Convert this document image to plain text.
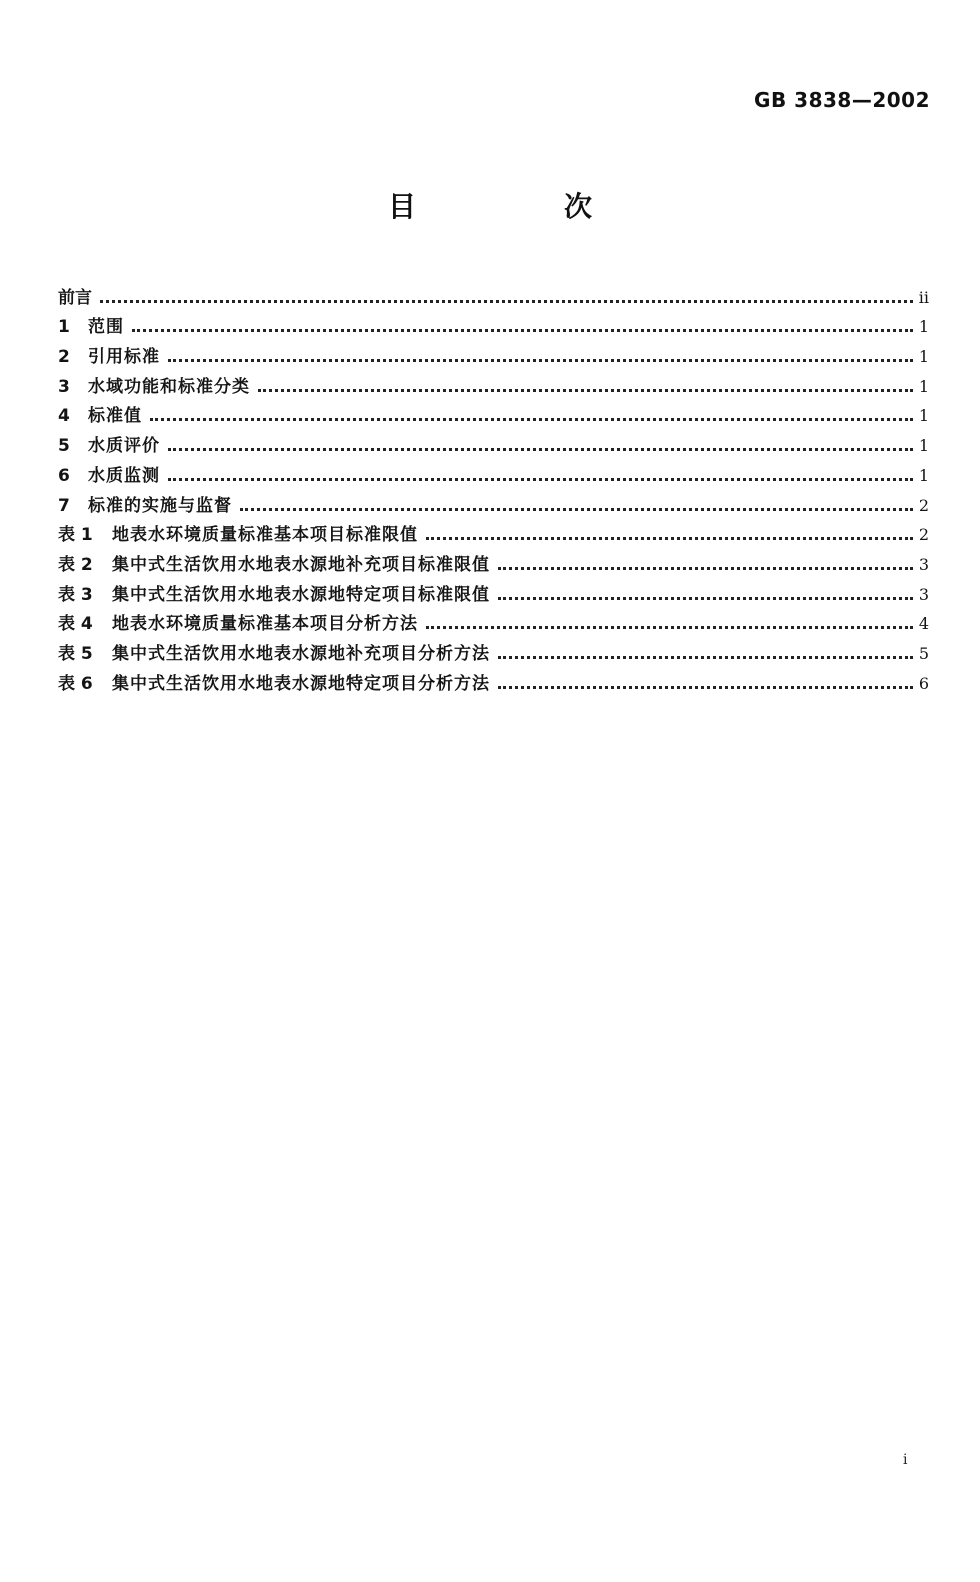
GB 3838—2002
目　次
前言	ii
1	范围	1
2	引用标准	1
3	水域功能和标准分类	1
4	标准值	1
5	水质评价	1
6	水质监测	1
7	标准的实施与监督	2
表 1	地表水环境质量标准基本项目标准限值	2
表 2	集中式生活饮用水地表水源地补充项目标准限值	3
表 3	集中式生活饮用水地表水源地特定项目标准限值	3
表 4	地表水环境质量标准基本项目分析方法	4
表 5	集中式生活饮用水地表水源地补充项目分析方法	5
表 6	集中式生活饮用水地表水源地特定项目分析方法	6
i
